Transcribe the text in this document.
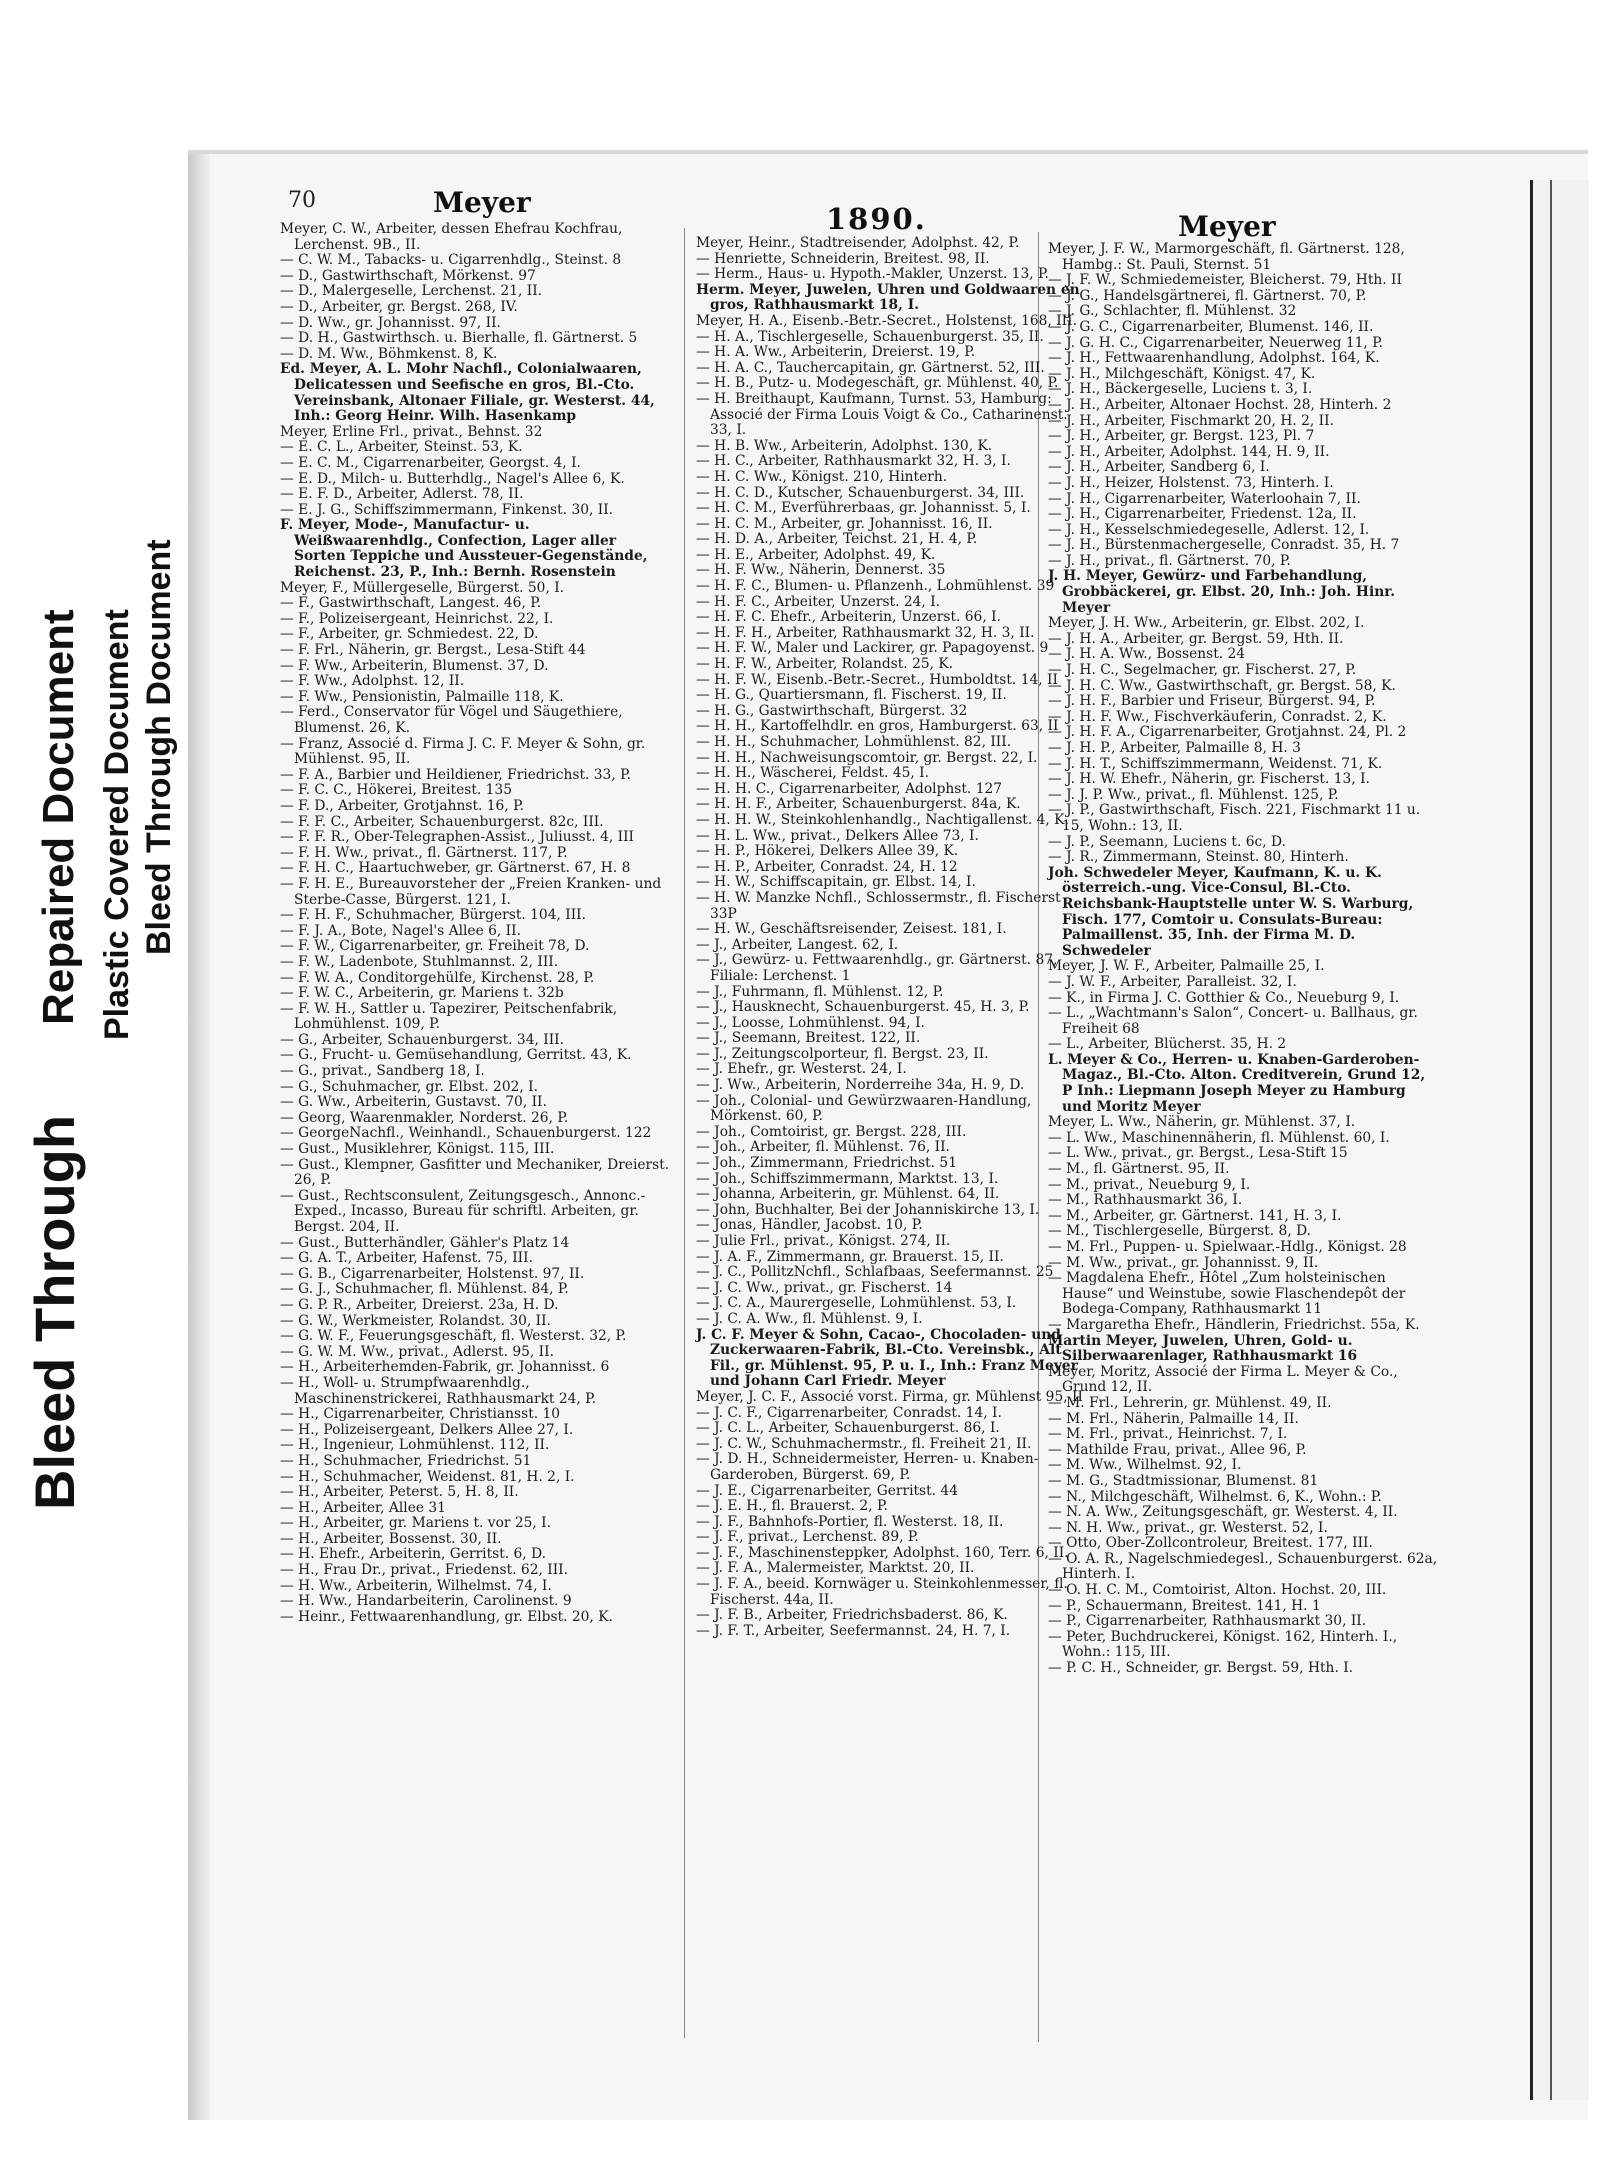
Bleed Through
Repaired Document Plastic Covered Document Bleed Through Document
70	Meyer	1890.	Meyer

Meyer, C. W., Arbeiter, dessen Ehefrau Kochfrau, Lerchenst. 9B., II.

— C. W. M., Tabacks- u. Cigarrenhdlg., Steinst. 8

— D., Gastwirthschaft, Mörkenst. 97

— D., Malergeselle, Lerchenst. 21, II.

— D., Arbeiter, gr. Bergst. 268, IV.

— D. Ww., gr. Johannisst. 97, II.

— D. H., Gastwirthsch. u. Bierhalle, fl. Gärtnerst. 5

— D. M. Ww., Böhmkenst. 8, K.

Ed. Meyer, A. L. Mohr Nachfl., Colonialwaaren, Delicatessen und Seefische en gros, Bl.-Cto. Vereinsbank, Altonaer Filiale, gr. Westerst. 44, Inh.: Georg Heinr. Wilh. Hasenkamp

Meyer, Erline Frl., privat., Behnst. 32

— E. C. L., Arbeiter, Steinst. 53, K.

— E. C. M., Cigarrenarbeiter, Georgst. 4, I.

— E. D., Milch- u. Butterhdlg., Nagel's Allee 6, K.

— E. F. D., Arbeiter, Adlerst. 78, II.

— E. J. G., Schiffszimmermann, Finkenst. 30, II.

F. Meyer, Mode-, Manufactur- u. Weißwaarenhdlg., Confection, Lager aller Sorten Teppiche und Aussteuer-Gegenstände, Reichenst. 23, P., Inh.: Bernh. Rosenstein

Meyer, F., Müllergeselle, Bürgerst. 50, I.

— F., Gastwirthschaft, Langest. 46, P.

— F., Polizeisergeant, Heinrichst. 22, I.

— F., Arbeiter, gr. Schmiedest. 22, D.

— F. Frl., Näherin, gr. Bergst., Lesa-Stift 44

— F. Ww., Arbeiterin, Blumenst. 37, D.

— F. Ww., Adolphst. 12, II.

— F. Ww., Pensionistin, Palmaille 118, K.

— Ferd., Conservator für Vögel und Säugethiere, Blumenst. 26, K.

— Franz, Associé d. Firma J. C. F. Meyer & Sohn, gr. Mühlenst. 95, II.

— F. A., Barbier und Heildiener, Friedrichst. 33, P.

— F. C. C., Hökerei, Breitest. 135

— F. D., Arbeiter, Grotjahnst. 16, P.

— F. F. C., Arbeiter, Schauenburgerst. 82c, III.

— F. F. R., Ober-Telegraphen-Assist., Juliusst. 4, III

— F. H. Ww., privat., fl. Gärtnerst. 117, P.

— F. H. C., Haartuchweber, gr. Gärtnerst. 67, H. 8

— F. H. E., Bureauvorsteher der „Freien Kranken- und Sterbe-Casse, Bürgerst. 121, I.

— F. H. F., Schuhmacher, Bürgerst. 104, III.

— F. J. A., Bote, Nagel's Allee 6, II.

— F. W., Cigarrenarbeiter, gr. Freiheit 78, D.

— F. W., Ladenbote, Stuhlmannst. 2, III.

— F. W. A., Conditorgehülfe, Kirchenst. 28, P.

— F. W. C., Arbeiterin, gr. Mariens t. 32b

— F. W. H., Sattler u. Tapezirer, Peitschenfabrik, Lohmühlenst. 109, P.

— G., Arbeiter, Schauenburgerst. 34, III.

— G., Frucht- u. Gemüsehandlung, Gerritst. 43, K.

— G., privat., Sandberg 18, I.

— G., Schuhmacher, gr. Elbst. 202, I.

— G. Ww., Arbeiterin, Gustavst. 70, II.

— Georg, Waarenmakler, Norderst. 26, P.

— GeorgeNachfl., Weinhandl., Schauenburgerst. 122

— Gust., Musiklehrer, Königst. 115, III.

— Gust., Klempner, Gasfitter und Mechaniker, Dreierst. 26, P.

— Gust., Rechtsconsulent, Zeitungsgesch., Annonc.-Exped., Incasso, Bureau für schriftl. Arbeiten, gr. Bergst. 204, II.

— Gust., Butterhändler, Gähler's Platz 14

— G. A. T., Arbeiter, Hafenst. 75, III.

— G. B., Cigarrenarbeiter, Holstenst. 97, II.

— G. J., Schuhmacher, fl. Mühlenst. 84, P.

— G. P. R., Arbeiter, Dreierst. 23a, H. D.

— G. W., Werkmeister, Rolandst. 30, II.

— G. W. F., Feuerungsgeschäft, fl. Westerst. 32, P.

— G. W. M. Ww., privat., Adlerst. 95, II.

— H., Arbeiterhemden-Fabrik, gr. Johannisst. 6

— H., Woll- u. Strumpfwaarenhdlg., Maschinenstrickerei, Rathhausmarkt 24, P.

— H., Cigarrenarbeiter, Christiansst. 10

— H., Polizeisergeant, Delkers Allee 27, I.

— H., Ingenieur, Lohmühlenst. 112, II.

— H., Schuhmacher, Friedrichst. 51

— H., Schuhmacher, Weidenst. 81, H. 2, I.

— H., Arbeiter, Peterst. 5, H. 8, II.

— H., Arbeiter, Allee 31

— H., Arbeiter, gr. Mariens t. vor 25, I.

— H., Arbeiter, Bossenst. 30, II.

— H. Ehefr., Arbeiterin, Gerritst. 6, D.

— H., Frau Dr., privat., Friedenst. 62, III.

— H. Ww., Arbeiterin, Wilhelmst. 74, I.

— H. Ww., Handarbeiterin, Carolinenst. 9

— Heinr., Fettwaarenhandlung, gr. Elbst. 20, K.

Meyer, Heinr., Stadtreisender, Adolphst. 42, P.

— Henriette, Schneiderin, Breitest. 98, II.

— Herm., Haus- u. Hypoth.-Makler, Unzerst. 13, P.

Herm. Meyer, Juwelen, Uhren und Goldwaaren en gros, Rathhausmarkt 18, I.

Meyer, H. A., Eisenb.-Betr.-Secret., Holstenst, 168, III.

— H. A., Tischlergeselle, Schauenburgerst. 35, II.

— H. A. Ww., Arbeiterin, Dreierst. 19, P.

— H. A. C., Tauchercapitain, gr. Gärtnerst. 52, III.

— H. B., Putz- u. Modegeschäft, gr. Mühlenst. 40, P.

— H. Breithaupt, Kaufmann, Turnst. 53, Hamburg: Associé der Firma Louis Voigt & Co., Catharinenst. 33, I.

— H. B. Ww., Arbeiterin, Adolphst. 130, K.

— H. C., Arbeiter, Rathhausmarkt 32, H. 3, I.

— H. C. Ww., Königst. 210, Hinterh.

— H. C. D., Kutscher, Schauenburgerst. 34, III.

— H. C. M., Everführerbaas, gr. Johannisst. 5, I.

— H. C. M., Arbeiter, gr. Johannisst. 16, II.

— H. D. A., Arbeiter, Teichst. 21, H. 4, P.

— H. E., Arbeiter, Adolphst. 49, K.

— H. F. Ww., Näherin, Dennerst. 35

— H. F. C., Blumen- u. Pflanzenh., Lohmühlenst. 39

— H. F. C., Arbeiter, Unzerst. 24, I.

— H. F. C. Ehefr., Arbeiterin, Unzerst. 66, I.

— H. F. H., Arbeiter, Rathhausmarkt 32, H. 3, II.

— H. F. W., Maler und Lackirer, gr. Papagoyenst. 9

— H. F. W., Arbeiter, Rolandst. 25, K.

— H. F. W., Eisenb.-Betr.-Secret., Humboldtst. 14, II

— H. G., Quartiersmann, fl. Fischerst. 19, II.

— H. G., Gastwirthschaft, Bürgerst. 32

— H. H., Kartoffelhdlr. en gros, Hamburgerst. 63, II

— H. H., Schuhmacher, Lohmühlenst. 82, III.

— H. H., Nachweisungscomtoir, gr. Bergst. 22, I.

— H. H., Wäscherei, Feldst. 45, I.

— H. H. C., Cigarrenarbeiter, Adolphst. 127

— H. H. F., Arbeiter, Schauenburgerst. 84a, K.

— H. H. W., Steinkohlenhandlg., Nachtigallenst. 4, K.

— H. L. Ww., privat., Delkers Allee 73, I.

— H. P., Hökerei, Delkers Allee 39, K.

— H. P., Arbeiter, Conradst. 24, H. 12

— H. W., Schiffscapitain, gr. Elbst. 14, I.

— H. W. Manzke Nchfl., Schlossermstr., fl. Fischerst 33P

— H. W., Geschäftsreisender, Zeisest. 181, I.

— J., Arbeiter, Langest. 62, I.

— J., Gewürz- u. Fettwaarenhdlg., gr. Gärtnerst. 87, Filiale: Lerchenst. 1

— J., Fuhrmann, fl. Mühlenst. 12, P.

— J., Hausknecht, Schauenburgerst. 45, H. 3, P.

— J., Loosse, Lohmühlenst. 94, I.

— J., Seemann, Breitest. 122, II.

— J., Zeitungscolporteur, fl. Bergst. 23, II.

— J. Ehefr., gr. Westerst. 24, I.

— J. Ww., Arbeiterin, Norderreihe 34a, H. 9, D.

— Joh., Colonial- und Gewürzwaaren-Handlung, Mörkenst. 60, P.

— Joh., Comtoirist, gr. Bergst. 228, III.

— Joh., Arbeiter, fl. Mühlenst. 76, II.

— Joh., Zimmermann, Friedrichst. 51

— Joh., Schiffszimmermann, Marktst. 13, I.

— Johanna, Arbeiterin, gr. Mühlenst. 64, II.

— John, Buchhalter, Bei der Johanniskirche 13, I.

— Jonas, Händler, Jacobst. 10, P.

— Julie Frl., privat., Königst. 274, II.

— J. A. F., Zimmermann, gr. Brauerst. 15, II.

— J. C., PollitzNchfl., Schlafbaas, Seefermannst. 25

— J. C. Ww., privat., gr. Fischerst. 14

— J. C. A., Maurergeselle, Lohmühlenst. 53, I.

— J. C. A. Ww., fl. Mühlenst. 9, I.

J. C. F. Meyer & Sohn, Cacao-, Chocoladen- und Zuckerwaaren-Fabrik, Bl.-Cto. Vereinsbk., Alt. Fil., gr. Mühlenst. 95, P. u. I., Inh.: Franz Meyer und Johann Carl Friedr. Meyer

Meyer, J. C. F., Associé vorst. Firma, gr. Mühlenst 95, II

— J. C. F., Cigarrenarbeiter, Conradst. 14, I.

— J. C. L., Arbeiter, Schauenburgerst. 86, I.

— J. C. W., Schuhmachermstr., fl. Freiheit 21, II.

— J. D. H., Schneidermeister, Herren- u. Knaben-Garderoben, Bürgerst. 69, P.

— J. E., Cigarrenarbeiter, Gerritst. 44

— J. E. H., fl. Brauerst. 2, P.

— J. F., Bahnhofs-Portier, fl. Westerst. 18, II.

— J. F., privat., Lerchenst. 89, P.

— J. F., Maschinensteppker, Adolphst. 160, Terr. 6, II.

— J. F. A., Malermeister, Marktst. 20, II.

— J. F. A., beeid. Kornwäger u. Steinkohlenmesser, fl. Fischerst. 44a, II.

— J. F. B., Arbeiter, Friedrichsbaderst. 86, K.

— J. F. T., Arbeiter, Seefermannst. 24, H. 7, I.

Meyer, J. F. W., Marmorgeschäft, fl. Gärtnerst. 128, Hambg.: St. Pauli, Sternst. 51

— J. F. W., Schmiedemeister, Bleicherst. 79, Hth. II

— J. G., Handelsgärtnerei, fl. Gärtnerst. 70, P.

— J. G., Schlachter, fl. Mühlenst. 32

— J. G. C., Cigarrenarbeiter, Blumenst. 146, II.

— J. G. H. C., Cigarrenarbeiter, Neuerweg 11, P.

— J. H., Fettwaarenhandlung, Adolphst. 164, K.

— J. H., Milchgeschäft, Königst. 47, K.

— J. H., Bäckergeselle, Luciens t. 3, I.

— J. H., Arbeiter, Altonaer Hochst. 28, Hinterh. 2

— J. H., Arbeiter, Fischmarkt 20, H. 2, II.

— J. H., Arbeiter, gr. Bergst. 123, Pl. 7

— J. H., Arbeiter, Adolphst. 144, H. 9, II.

— J. H., Arbeiter, Sandberg 6, I.

— J. H., Heizer, Holstenst. 73, Hinterh. I.

— J. H., Cigarrenarbeiter, Waterloohain 7, II.

— J. H., Cigarrenarbeiter, Friedenst. 12a, II.

— J. H., Kesselschmiedegeselle, Adlerst. 12, I.

— J. H., Bürstenmachergeselle, Conradst. 35, H. 7

— J. H., privat., fl. Gärtnerst. 70, P.

J. H. Meyer, Gewürz- und Farbehandlung, Grobbäckerei, gr. Elbst. 20, Inh.: Joh. Hinr. Meyer

Meyer, J. H. Ww., Arbeiterin, gr. Elbst. 202, I.

— J. H. A., Arbeiter, gr. Bergst. 59, Hth. II.

— J. H. A. Ww., Bossenst. 24

— J. H. C., Segelmacher, gr. Fischerst. 27, P.

— J. H. C. Ww., Gastwirthschaft, gr. Bergst. 58, K.

— J. H. F., Barbier und Friseur, Bürgerst. 94, P.

— J. H. F. Ww., Fischverkäuferin, Conradst. 2, K.

— J. H. F. A., Cigarrenarbeiter, Grotjahnst. 24, Pl. 2

— J. H. P., Arbeiter, Palmaille 8, H. 3

— J. H. T., Schiffszimmermann, Weidenst. 71, K.

— J. H. W. Ehefr., Näherin, gr. Fischerst. 13, I.

— J. J. P. Ww., privat., fl. Mühlenst. 125, P.

— J. P., Gastwirthschaft, Fisch. 221, Fischmarkt 11 u. 15, Wohn.: 13, II.

— J. P., Seemann, Luciens t. 6c, D.

— J. R., Zimmermann, Steinst. 80, Hinterh.

Joh. Schwedeler Meyer, Kaufmann, K. u. K. österreich.-ung. Vice-Consul, Bl.-Cto. Reichsbank-Hauptstelle unter W. S. Warburg, Fisch. 177, Comtoir u. Consulats-Bureau: Palmaillenst. 35, Inh. der Firma M. D. Schwedeler

Meyer, J. W. F., Arbeiter, Palmaille 25, I.

— J. W. F., Arbeiter, Paralleist. 32, I.

— K., in Firma J. C. Gotthier & Co., Neueburg 9, I.

— L., „Wachtmann's Salon“, Concert- u. Ballhaus, gr. Freiheit 68

— L., Arbeiter, Blücherst. 35, H. 2

L. Meyer & Co., Herren- u. Knaben-Garderoben-Magaz., Bl.-Cto. Alton. Creditverein, Grund 12, P Inh.: Liepmann Joseph Meyer zu Hamburg und Moritz Meyer

Meyer, L. Ww., Näherin, gr. Mühlenst. 37, I.

— L. Ww., Maschinennäherin, fl. Mühlenst. 60, I.

— L. Ww., privat., gr. Bergst., Lesa-Stift 15

— M., fl. Gärtnerst. 95, II.

— M., privat., Neueburg 9, I.

— M., Rathhausmarkt 36, I.

— M., Arbeiter, gr. Gärtnerst. 141, H. 3, I.

— M., Tischlergeselle, Bürgerst. 8, D.

— M. Frl., Puppen- u. Spielwaar.-Hdlg., Königst. 28

— M. Ww., privat., gr. Johannisst. 9, II.

— Magdalena Ehefr., Hôtel „Zum holsteinischen Hause“ und Weinstube, sowie Flaschendepôt der Bodega-Company, Rathhausmarkt 11

— Margaretha Ehefr., Händlerin, Friedrichst. 55a, K.

Martin Meyer, Juwelen, Uhren, Gold- u. Silberwaarenlager, Rathhausmarkt 16

Meyer, Moritz, Associé der Firma L. Meyer & Co., Grund 12, II.

— M. Frl., Lehrerin, gr. Mühlenst. 49, II.

— M. Frl., Näherin, Palmaille 14, II.

— M. Frl., privat., Heinrichst. 7, I.

— Mathilde Frau, privat., Allee 96, P.

— M. Ww., Wilhelmst. 92, I.

— M. G., Stadtmissionar, Blumenst. 81

— N., Milchgeschäft, Wilhelmst. 6, K., Wohn.: P.

— N. A. Ww., Zeitungsgeschäft, gr. Westerst. 4, II.

— N. H. Ww., privat., gr. Westerst. 52, I.

— Otto, Ober-Zollcontroleur, Breitest. 177, III.

— O. A. R., Nagelschmiedegesl., Schauenburgerst. 62a, Hinterh. I.

— O. H. C. M., Comtoirist, Alton. Hochst. 20, III.

— P., Schauermann, Breitest. 141, H. 1

— P., Cigarrenarbeiter, Rathhausmarkt 30, II.

— Peter, Buchdruckerei, Königst. 162, Hinterh. I., Wohn.: 115, III.

— P. C. H., Schneider, gr. Bergst. 59, Hth. I.
